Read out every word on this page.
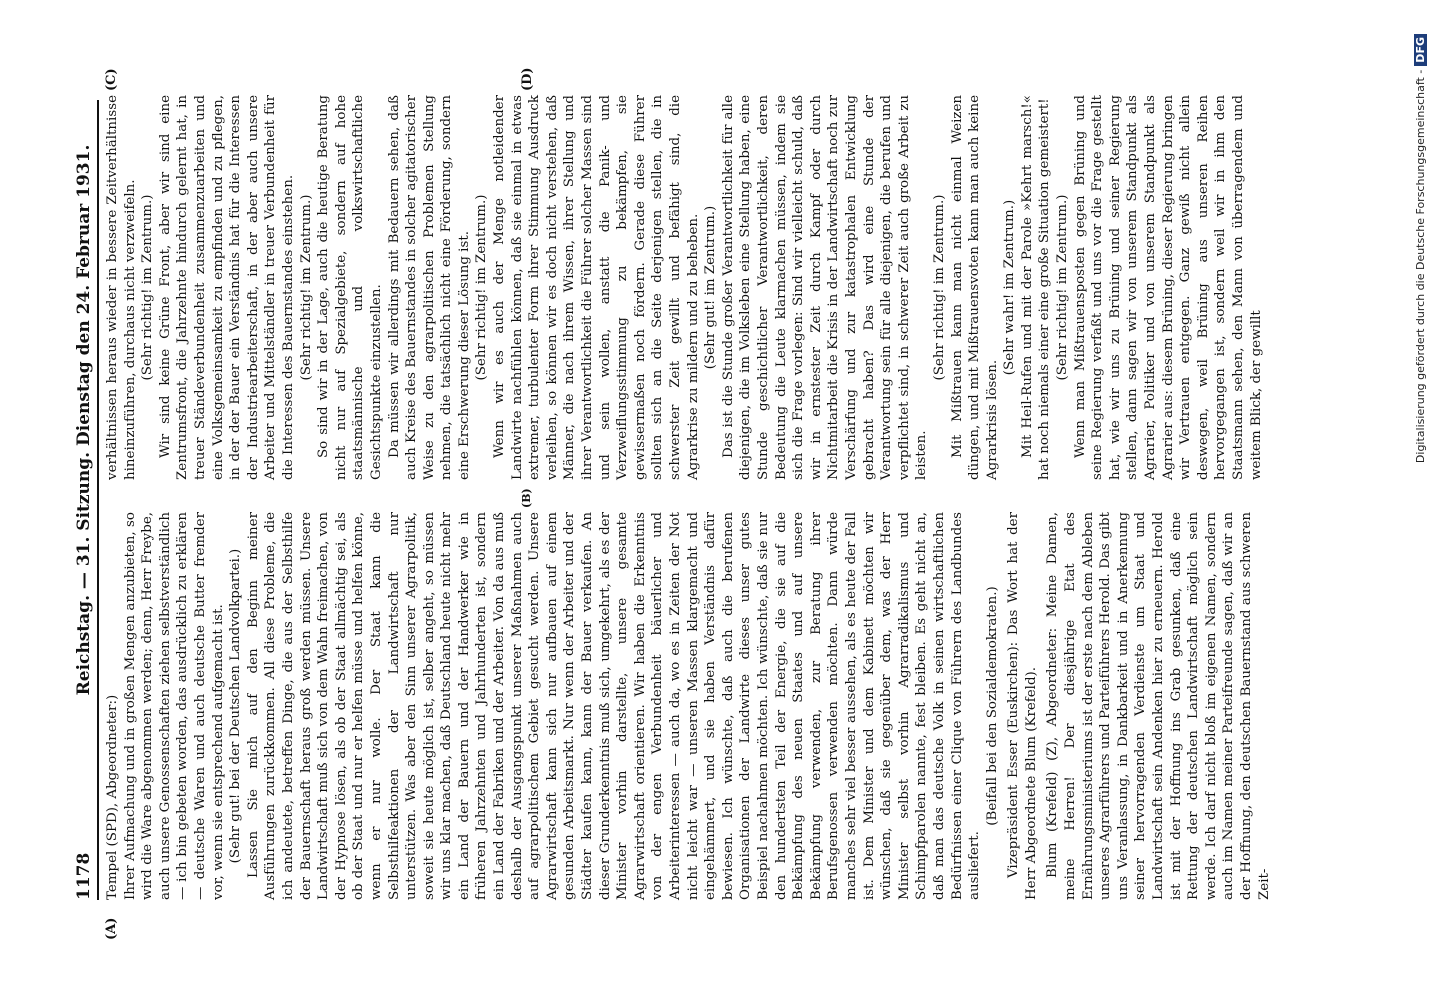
1178
Reichstag. — 31. Sitzung. Dienstag den 24. Februar 1931.
(A)
(B)
(C)	(D)

Tempel (SPD), Abgeordneter:) Ihrer Aufmachung und in großen Mengen anzubieten, so wird die Ware abgenommen werden; denn, Herr Freybe, auch unsere Genossenschaften ziehen selbstverständlich — ich bin gebeten worden, das ausdrücklich zu erklären — deutsche Waren und auch deutsche Butter fremder vor, wenn sie entsprechend aufgemacht ist. (Sehr gut! bei der Deutschen Landvolkpartei.) Lassen Sie mich auf den Beginn meiner Ausführungen zurückkommen. All diese Probleme, die ich andeutete, betreffen Dinge, die aus der Selbsthilfe der Bauernschaft heraus groß werden müssen. Unsere Landwirtschaft muß sich von dem Wahn freimachen, von der Hypnose lösen, als ob der Staat allmächtig sei, als ob der Staat und nur er helfen müsse und helfen könne, wenn er nur wolle. Der Staat kann die Selbsthilfeaktionen der Landwirtschaft nur unterstützen. Was aber den Sinn unserer Agrarpolitik, soweit sie heute möglich ist, selber angeht, so müssen wir uns klar machen, daß Deutschland heute nicht mehr ein Land der Bauern und der Handwerker wie in früheren Jahrzehnten und Jahrhunderten ist, sondern ein Land der Fabriken und der Arbeiter. Von da aus muß deshalb der Ausgangspunkt unserer Maßnahmen auch auf agrarpolitischem Gebiet gesucht werden. Unsere Agrarwirtschaft kann sich nur aufbauen auf einem gesunden Arbeitsmarkt. Nur wenn der Arbeiter und der Städter kaufen kann, kann der Bauer verkaufen. An dieser Grunderkenntnis muß sich, umgekehrt, als es der Minister vorhin darstellte, unsere gesamte Agrarwirtschaft orientieren. Wir haben die Erkenntnis von der engen Verbundenheit bäuerlicher und Arbeiterinteressen — auch da, wo es in Zeiten der Not nicht leicht war — unseren Massen klargemacht und eingehämmert, und sie haben Verständnis dafür bewiesen. Ich wünschte, daß auch die berufenen Organisationen der Landwirte dieses unser gutes Beispiel nachahmen möchten. Ich wünschte, daß sie nur den hundertsten Teil der Energie, die sie auf die Bekämpfung des neuen Staates und auf unsere Bekämpfung verwenden, zur Beratung ihrer Berufsgenossen verwenden möchten. Dann würde manches sehr viel besser aussehen, als es heute der Fall ist. Dem Minister und dem Kabinett möchten wir wünschen, daß sie gegenüber dem, was der Herr Minister selbst vorhin Agrarradikalismus und Schimpfparolen nannte, fest bleiben. Es geht nicht an, daß man das deutsche Volk in seinen wirtschaftlichen Bedürfnissen einer Clique von Führern des Landbundes ausliefert.

(Beifall bei den Sozialdemokraten.) Vizepräsident Esser (Euskirchen): Das Wort hat der Herr Abgeordnete Blum (Krefeld). Blum (Krefeld) (Z), Abgeordneter: Meine Damen, meine Herren! Der diesjährige Etat des Ernährungsministeriums ist der erste nach dem Ableben unseres Agrarführers und Parteiführers Herold. Das gibt uns Veranlassung, in Dankbarkeit und in Anerkennung seiner hervorragenden Verdienste um Staat und Landwirtschaft sein Andenken hier zu erneuern. Herold ist mit der Hoffnung ins Grab gesunken, daß eine Rettung der deutschen Landwirtschaft möglich sein werde. Ich darf nicht bloß im eigenen Namen, sondern auch im Namen meiner Parteifreunde sagen, daß wir an der Hoffnung, den deutschen Bauernstand aus schweren Zeit-

verhältnissen heraus wieder in bessere Zeitverhältnisse hineinzuführen, durchaus nicht verzweifeln. (Sehr richtig! im Zentrum.) Wir sind keine Grüne Front, aber wir sind eine Zentrumsfront, die Jahrzehnte hindurch gelernt hat, in treuer Ständeverbundenheit zusammenzuarbeiten und eine Volksgemeinsamkeit zu empfinden und zu pflegen, in der der Bauer ein Verständnis hat für die Interessen der Industriearbeiterschaft, in der aber auch unsere Arbeiter und Mittelständler in treuer Verbundenheit für die Interessen des Bauernstandes einstehen. (Sehr richtig! im Zentrum.) So sind wir in der Lage, auch die heutige Beratung nicht nur auf Spezialgebiete, sondern auf hohe staatsmännische und volkswirtschaftliche Gesichtspunkte einzustellen. Da müssen wir allerdings mit Bedauern sehen, daß auch Kreise des Bauernstandes in solcher agitatorischer Weise zu den agrarpolitischen Problemen Stellung nehmen, die tatsächlich nicht eine Förderung, sondern eine Erschwerung dieser Lösung ist. (Sehr richtig! im Zentrum.) Wenn wir es auch der Menge notleidender Landwirte nachfühlen können, daß sie einmal in etwas extremer, turbulenter Form ihrer Stimmung Ausdruck verleihen, so können wir es doch nicht verstehen, daß Männer, die nach ihrem Wissen, ihrer Stellung und ihrer Verantwortlichkeit die Führer solcher Massen sind und sein wollen, anstatt die Panik- und Verzweiflungsstimmung zu bekämpfen, sie gewissermaßen noch fördern. Gerade diese Führer sollten sich an die Seite derjenigen stellen, die in schwerster Zeit gewillt und befähigt sind, die Agrarkrise zu mildern und zu beheben. (Sehr gut! im Zentrum.) Das ist die Stunde großer Verantwortlichkeit für alle diejenigen, die im Volksleben eine Stellung haben, eine Stunde geschichtlicher Verantwortlichkeit, deren Bedeutung die Leute klarmachen müssen, indem sie sich die Frage vorlegen: Sind wir vielleicht schuld, daß wir in ernstester Zeit durch Kampf oder durch Nichtmitarbeit die Krisis in der Landwirtschaft noch zur Verschärfung und zur katastrophalen Entwicklung gebracht haben? Das wird eine Stunde der Verantwortung sein für alle diejenigen, die berufen und verpflichtet sind, in schwerer Zeit auch große Arbeit zu leisten.

(Sehr richtig! im Zentrum.) Mit Mißtrauen kann man nicht einmal Weizen düngen, und mit Mißtrauensvoten kann man auch keine Agrarkrisis lösen.

(Sehr wahr! im Zentrum.) Mit Heil-Rufen und mit der Parole »Kehrt marsch!« hat noch niemals einer eine große Situation gemeistert! (Sehr richtig! im Zentrum.) Wenn man Mißtrauensposten gegen Brüning und seine Regierung verfaßt und uns vor die Frage gestellt hat, wie wir uns zu Brüning und seiner Regierung stellen, dann sagen wir von unserem Standpunkt als Agrarier, Politiker und von unserem Standpunkt als Agrarier aus: diesem Brüning, dieser Regierung bringen wir Vertrauen entgegen. Ganz gewiß nicht allein deswegen, weil Brüning aus unseren Reihen hervorgegangen ist, sondern weil wir in ihm den Staatsmann sehen, den Mann von überragendem und weitem Blick, der gewillt	Digitalisierung gefördert durch die Deutsche Forschungsgemeinschaft -DFG
